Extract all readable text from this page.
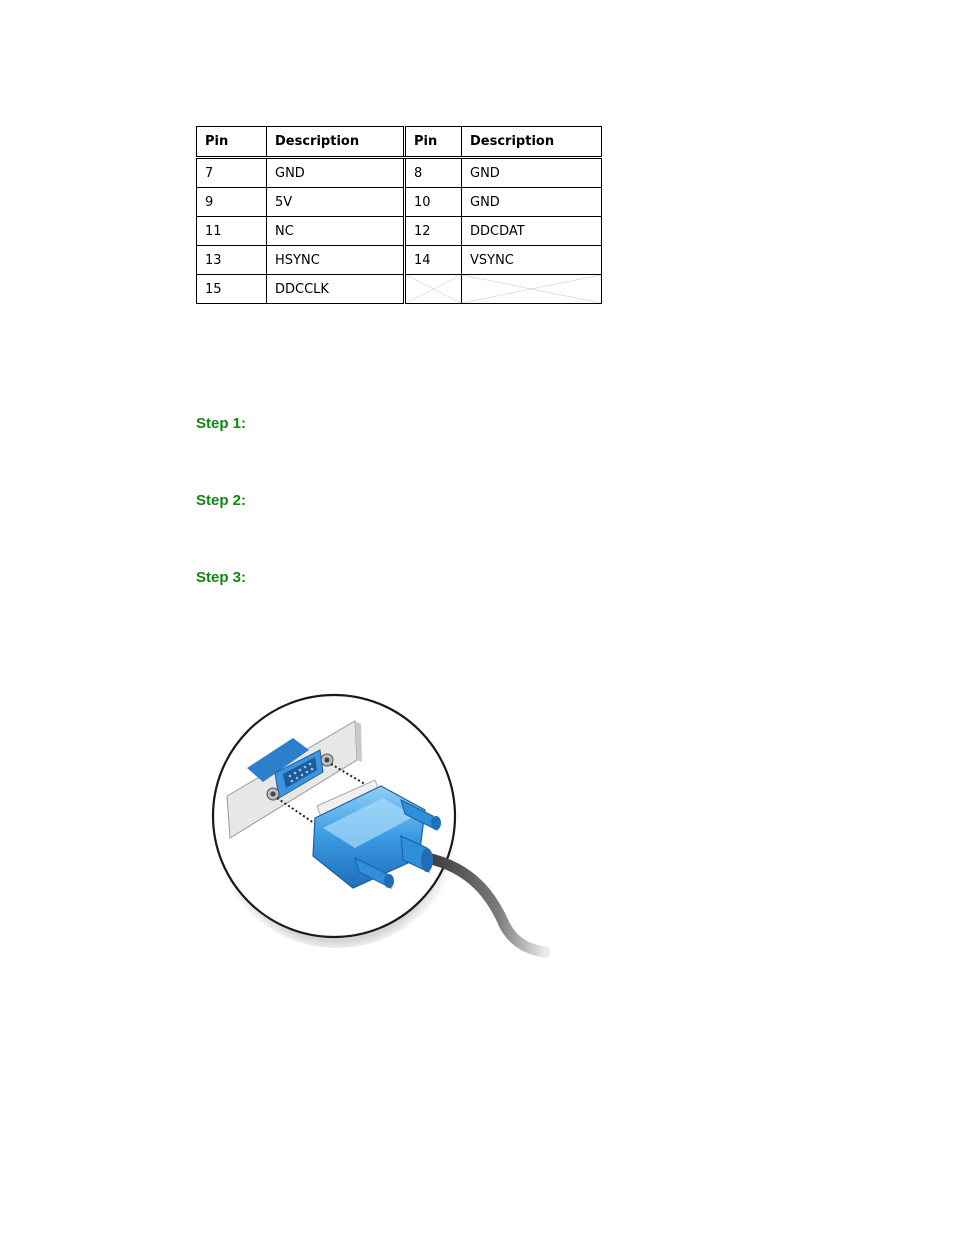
Pin	Description	Pin	Description
7	GND	8	GND
9	5V	10	GND
11	NC	12	DDCDAT
13	HSYNC	14	VSYNC
15	DDCCLK	

Step 1:
Step 2:
Step 3:
